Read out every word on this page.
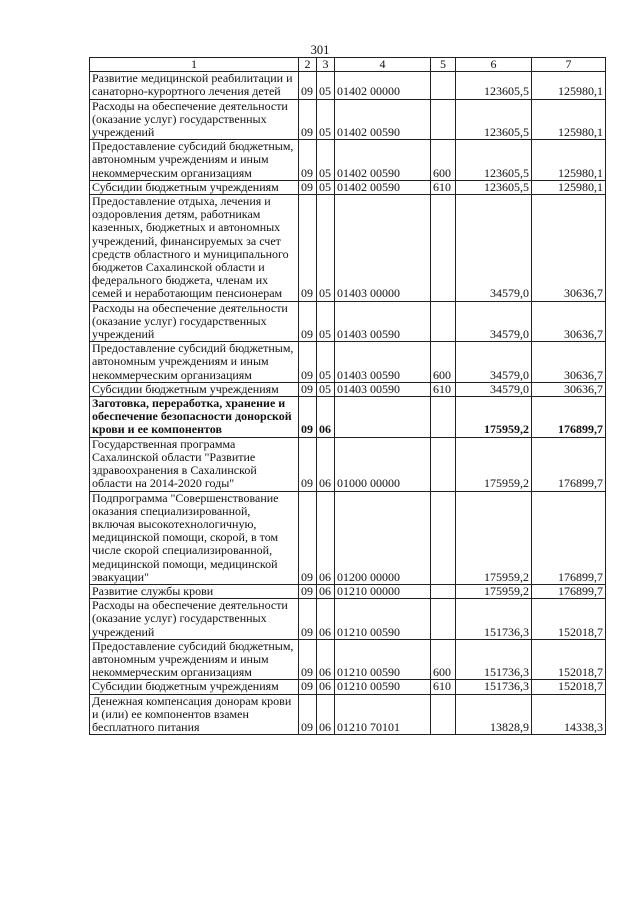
301
1	2	3	4	5	6	7
Развитие медицинской реабилитации и санаторно-курортного лечения детей	09	05	01402 00000		123605,5	125980,1
Расходы на обеспечение деятельности (оказание услуг) государственных учреждений	09	05	01402 00590		123605,5	125980,1
Предоставление субсидий бюджетным, автономным учреждениям и иным некоммерческим организациям	09	05	01402 00590	600	123605,5	125980,1
Субсидии бюджетным учреждениям	09	05	01402 00590	610	123605,5	125980,1
Предоставление отдыха, лечения и оздоровления детям, работникам казенных, бюджетных и автономных учреждений, финансируемых за счет средств областного и муниципального бюджетов Сахалинской области и федерального бюджета, членам их семей и неработающим пенсионерам	09	05	01403 00000		34579,0	30636,7
Расходы на обеспечение деятельности (оказание услуг) государственных учреждений	09	05	01403 00590		34579,0	30636,7
Предоставление субсидий бюджетным, автономным учреждениям и иным некоммерческим организациям	09	05	01403 00590	600	34579,0	30636,7
Субсидии бюджетным учреждениям	09	05	01403 00590	610	34579,0	30636,7
Заготовка, переработка, хранение и обеспечение безопасности донорской крови и ее компонентов	09	06			175959,2	176899,7
Государственная программа Сахалинской области "Развитие здравоохранения в Сахалинской области на 2014-2020 годы"	09	06	01000 00000		175959,2	176899,7
Подпрограмма "Совершенствование оказания специализированной, включая высокотехнологичную, медицинской помощи, скорой, в том числе скорой специализированной, медицинской помощи, медицинской эвакуации"	09	06	01200 00000		175959,2	176899,7
Развитие службы крови	09	06	01210 00000		175959,2	176899,7
Расходы на обеспечение деятельности (оказание услуг) государственных учреждений	09	06	01210 00590		151736,3	152018,7
Предоставление субсидий бюджетным, автономным учреждениям и иным некоммерческим организациям	09	06	01210 00590	600	151736,3	152018,7
Субсидии бюджетным учреждениям	09	06	01210 00590	610	151736,3	152018,7
Денежная компенсация донорам крови и (или) ее компонентов взамен бесплатного питания	09	06	01210 70101		13828,9	14338,3
